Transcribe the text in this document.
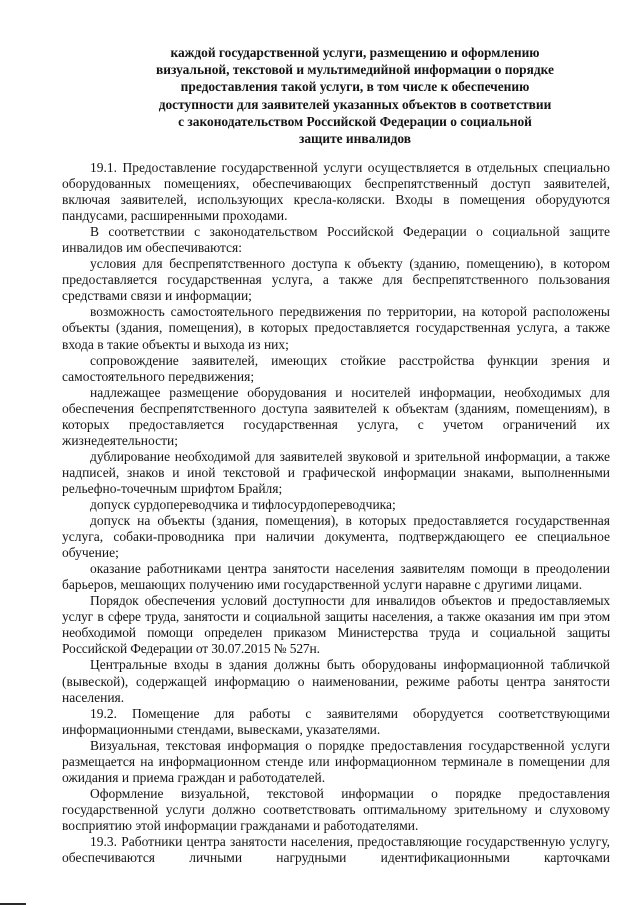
каждой государственной услуги, размещению и оформлению
визуальной, текстовой и мультимедийной информации о порядке
предоставления такой услуги, в том числе к обеспечению
доступности для заявителей указанных объектов в соответствии
с законодательством Российской Федерации о социальной
защите инвалидов

19.1. Предоставление государственной услуги осуществляется в отдельных специально оборудованных помещениях, обеспечивающих беспрепятственный доступ заявителей, включая заявителей, использующих кресла-коляски. Входы в помещения оборудуются пандусами, расширенными проходами.

В соответствии с законодательством Российской Федерации о социальной защите инвалидов им обеспечиваются:

условия для беспрепятственного доступа к объекту (зданию, помещению), в котором предоставляется государственная услуга, а также для беспрепятственного пользования средствами связи и информации;

возможность самостоятельного передвижения по территории, на которой расположены объекты (здания, помещения), в которых предоставляется государственная услуга, а также входа в такие объекты и выхода из них;

сопровождение заявителей, имеющих стойкие расстройства функции зрения и самостоятельного передвижения;

надлежащее размещение оборудования и носителей информации, необходимых для обеспечения беспрепятственного доступа заявителей к объектам (зданиям, помещениям), в которых предоставляется государственная услуга, с учетом ограничений их жизнедеятельности;

дублирование необходимой для заявителей звуковой и зрительной информации, а также надписей, знаков и иной текстовой и графической информации знаками, выполненными рельефно-точечным шрифтом Брайля;

допуск сурдопереводчика и тифлосурдопереводчика;

допуск на объекты (здания, помещения), в которых предоставляется государственная услуга, собаки-проводника при наличии документа, подтверждающего ее специальное обучение;

оказание работниками центра занятости населения заявителям помощи в преодолении барьеров, мешающих получению ими государственной услуги наравне с другими лицами.

Порядок обеспечения условий доступности для инвалидов объектов и предоставляемых услуг в сфере труда, занятости и социальной защиты населения, а также оказания им при этом необходимой помощи определен приказом Министерства труда и социальной защиты Российской Федерации от 30.07.2015 № 527н.

Центральные входы в здания должны быть оборудованы информационной табличкой (вывеской), содержащей информацию о наименовании, режиме работы центра занятости населения.

19.2. Помещение для работы с заявителями оборудуется соответствующими информационными стендами, вывесками, указателями.

Визуальная, текстовая информация о порядке предоставления государственной услуги размещается на информационном стенде или информационном терминале в помещении для ожидания и приема граждан и работодателей.

Оформление визуальной, текстовой информации о порядке предоставления государственной услуги должно соответствовать оптимальному зрительному и слуховому восприятию этой информации гражданами и работодателями.

19.3. Работники центра занятости населения, предоставляющие государственную услугу, обеспечиваются личными нагрудными идентификационными карточками
